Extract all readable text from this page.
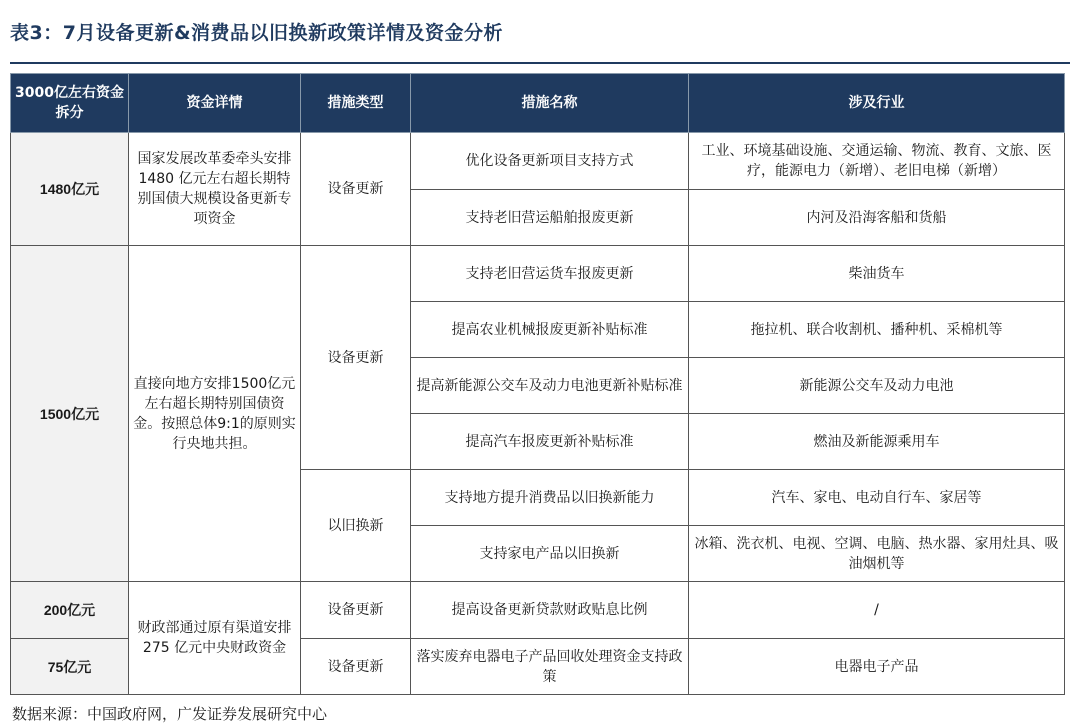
表3：7月设备更新&消费品以旧换新政策详情及资金分析
3000亿左右资金拆分	资金详情	措施类型	措施名称	涉及行业
1480亿元	国家发展改革委牵头安排 1480 亿元左右超长期特别国债大规模设备更新专项资金	设备更新	优化设备更新项目支持方式	工业、环境基础设施、交通运输、物流、教育、文旅、医疗，能源电力（新增）、老旧电梯（新增）
			支持老旧营运船舶报废更新	内河及沿海客船和货船
1500亿元	直接向地方安排1500亿元左右超长期特别国债资金。按照总体9:1的原则实行央地共担。	设备更新	支持老旧营运货车报废更新	柴油货车
			提高农业机械报废更新补贴标准	拖拉机、联合收割机、播种机、采棉机等
			提高新能源公交车及动力电池更新补贴标准	新能源公交车及动力电池
			提高汽车报废更新补贴标准	燃油及新能源乘用车
		以旧换新	支持地方提升消费品以旧换新能力	汽车、家电、电动自行车、家居等
			支持家电产品以旧换新	冰箱、洗衣机、电视、空调、电脑、热水器、家用灶具、吸油烟机等
200亿元	财政部通过原有渠道安排275 亿元中央财政资金	设备更新	提高设备更新贷款财政贴息比例	/
75亿元		设备更新	落实废弃电器电子产品回收处理资金支持政策	电器电子产品
数据来源：中国政府网，广发证券发展研究中心
